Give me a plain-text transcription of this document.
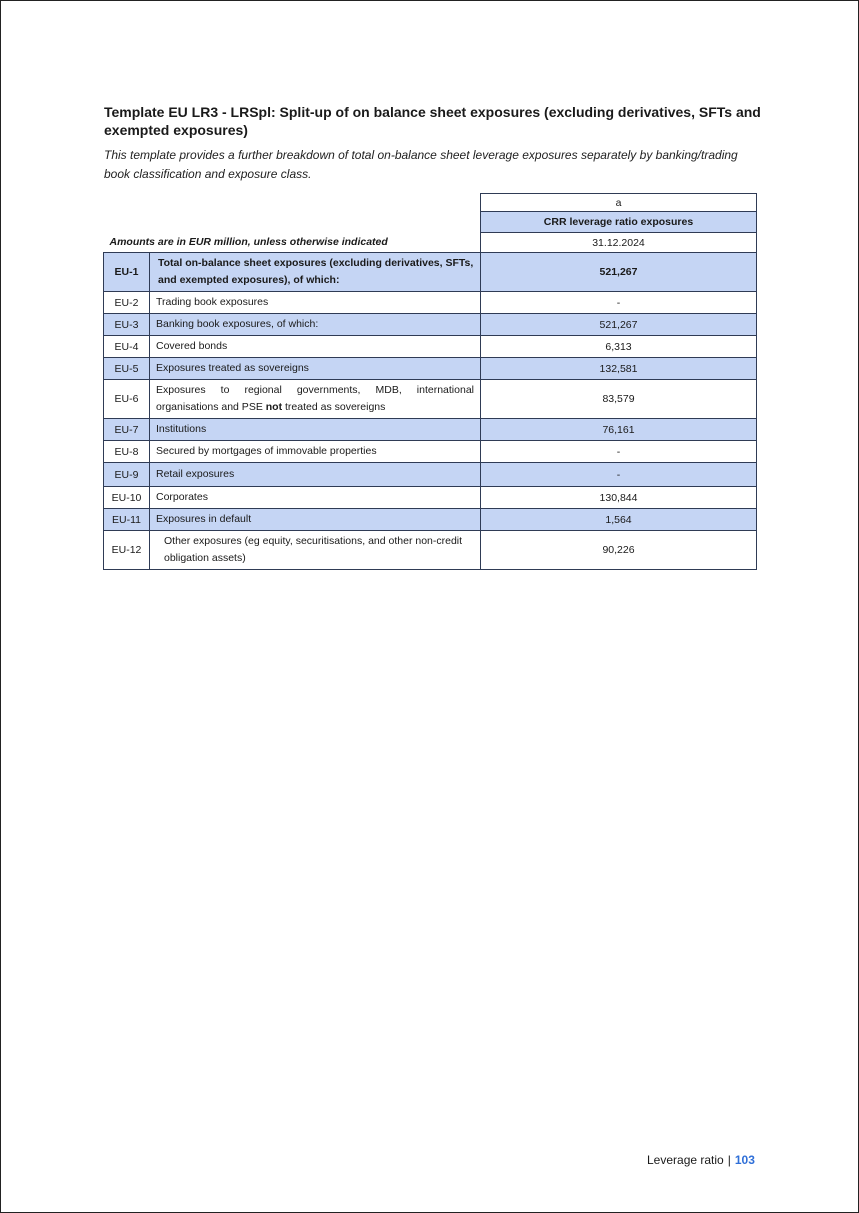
Template EU LR3 - LRSpl: Split-up of on balance sheet exposures (excluding derivatives, SFTs and exempted exposures)
This template provides a further breakdown of total on-balance sheet leverage exposures separately by banking/trading book classification and exposure class.
		a
		CRR leverage ratio exposures
Amounts are in EUR million, unless otherwise indicated		31.12.2024
EU-1	Total on-balance sheet exposures (excluding derivatives, SFTs, and exempted exposures), of which:	521,267
EU-2	Trading book exposures	-
EU-3	Banking book exposures, of which:	521,267
EU-4	Covered bonds	6,313
EU-5	Exposures treated as sovereigns	132,581
EU-6	Exposures to regional governments, MDB, international organisations and PSE not treated as sovereigns	83,579
EU-7	Institutions	76,161
EU-8	Secured by mortgages of immovable properties	-
EU-9	Retail exposures	-
EU-10	Corporates	130,844
EU-11	Exposures in default	1,564
EU-12	Other exposures (eg equity, securitisations, and other non-credit obligation assets)	90,226
Leverage ratio | 103
